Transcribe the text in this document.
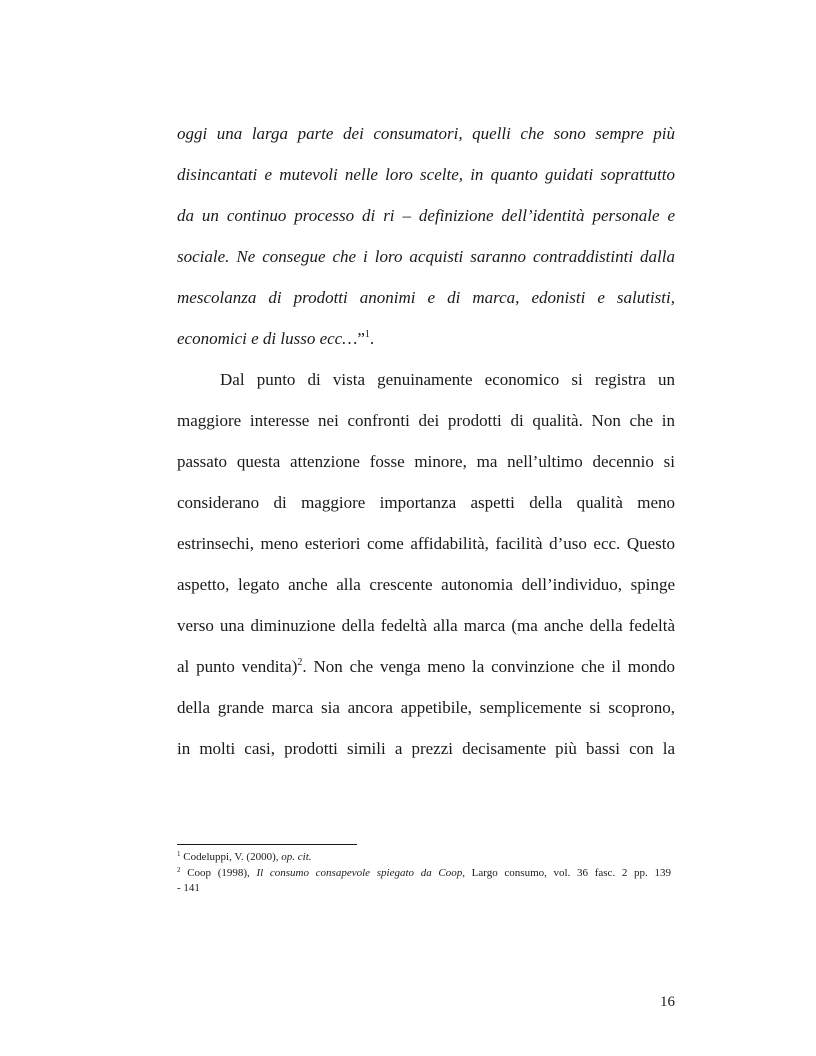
oggi una larga parte dei consumatori, quelli che sono sempre più
disincantati e mutevoli nelle loro scelte, in quanto guidati soprattutto
da un continuo processo di ri – definizione dell’identità personale e
sociale. Ne consegue che i loro acquisti saranno contraddistinti dalla
mescolanza di prodotti anonimi e di marca, edonisti e salutisti,
economici e di lusso ecc…”$^1$.
Dal punto di vista genuinamente economico si registra un
maggiore interesse nei confronti dei prodotti di qualità. Non che in
passato questa attenzione fosse minore, ma nell’ultimo decennio si
considerano di maggiore importanza aspetti della qualità meno
estrinsechi, meno esteriori come affidabilità, facilità d’uso ecc. Questo
aspetto, legato anche alla crescente autonomia dell’individuo, spinge
verso una diminuzione della fedeltà alla marca (ma anche della fedeltà
al punto vendita)$^2$. Non che venga meno la convinzione che il mondo
della grande marca sia ancora appetibile, semplicemente si scoprono,
in molti casi, prodotti simili a prezzi decisamente più bassi con la
$^1$ Codeluppi, V. (2000), op. cit.
$^2$ Coop (1998), Il consumo consapevole spiegato da Coop, Largo consumo, vol. 36 fasc. 2 pp. 139
- 141
16
